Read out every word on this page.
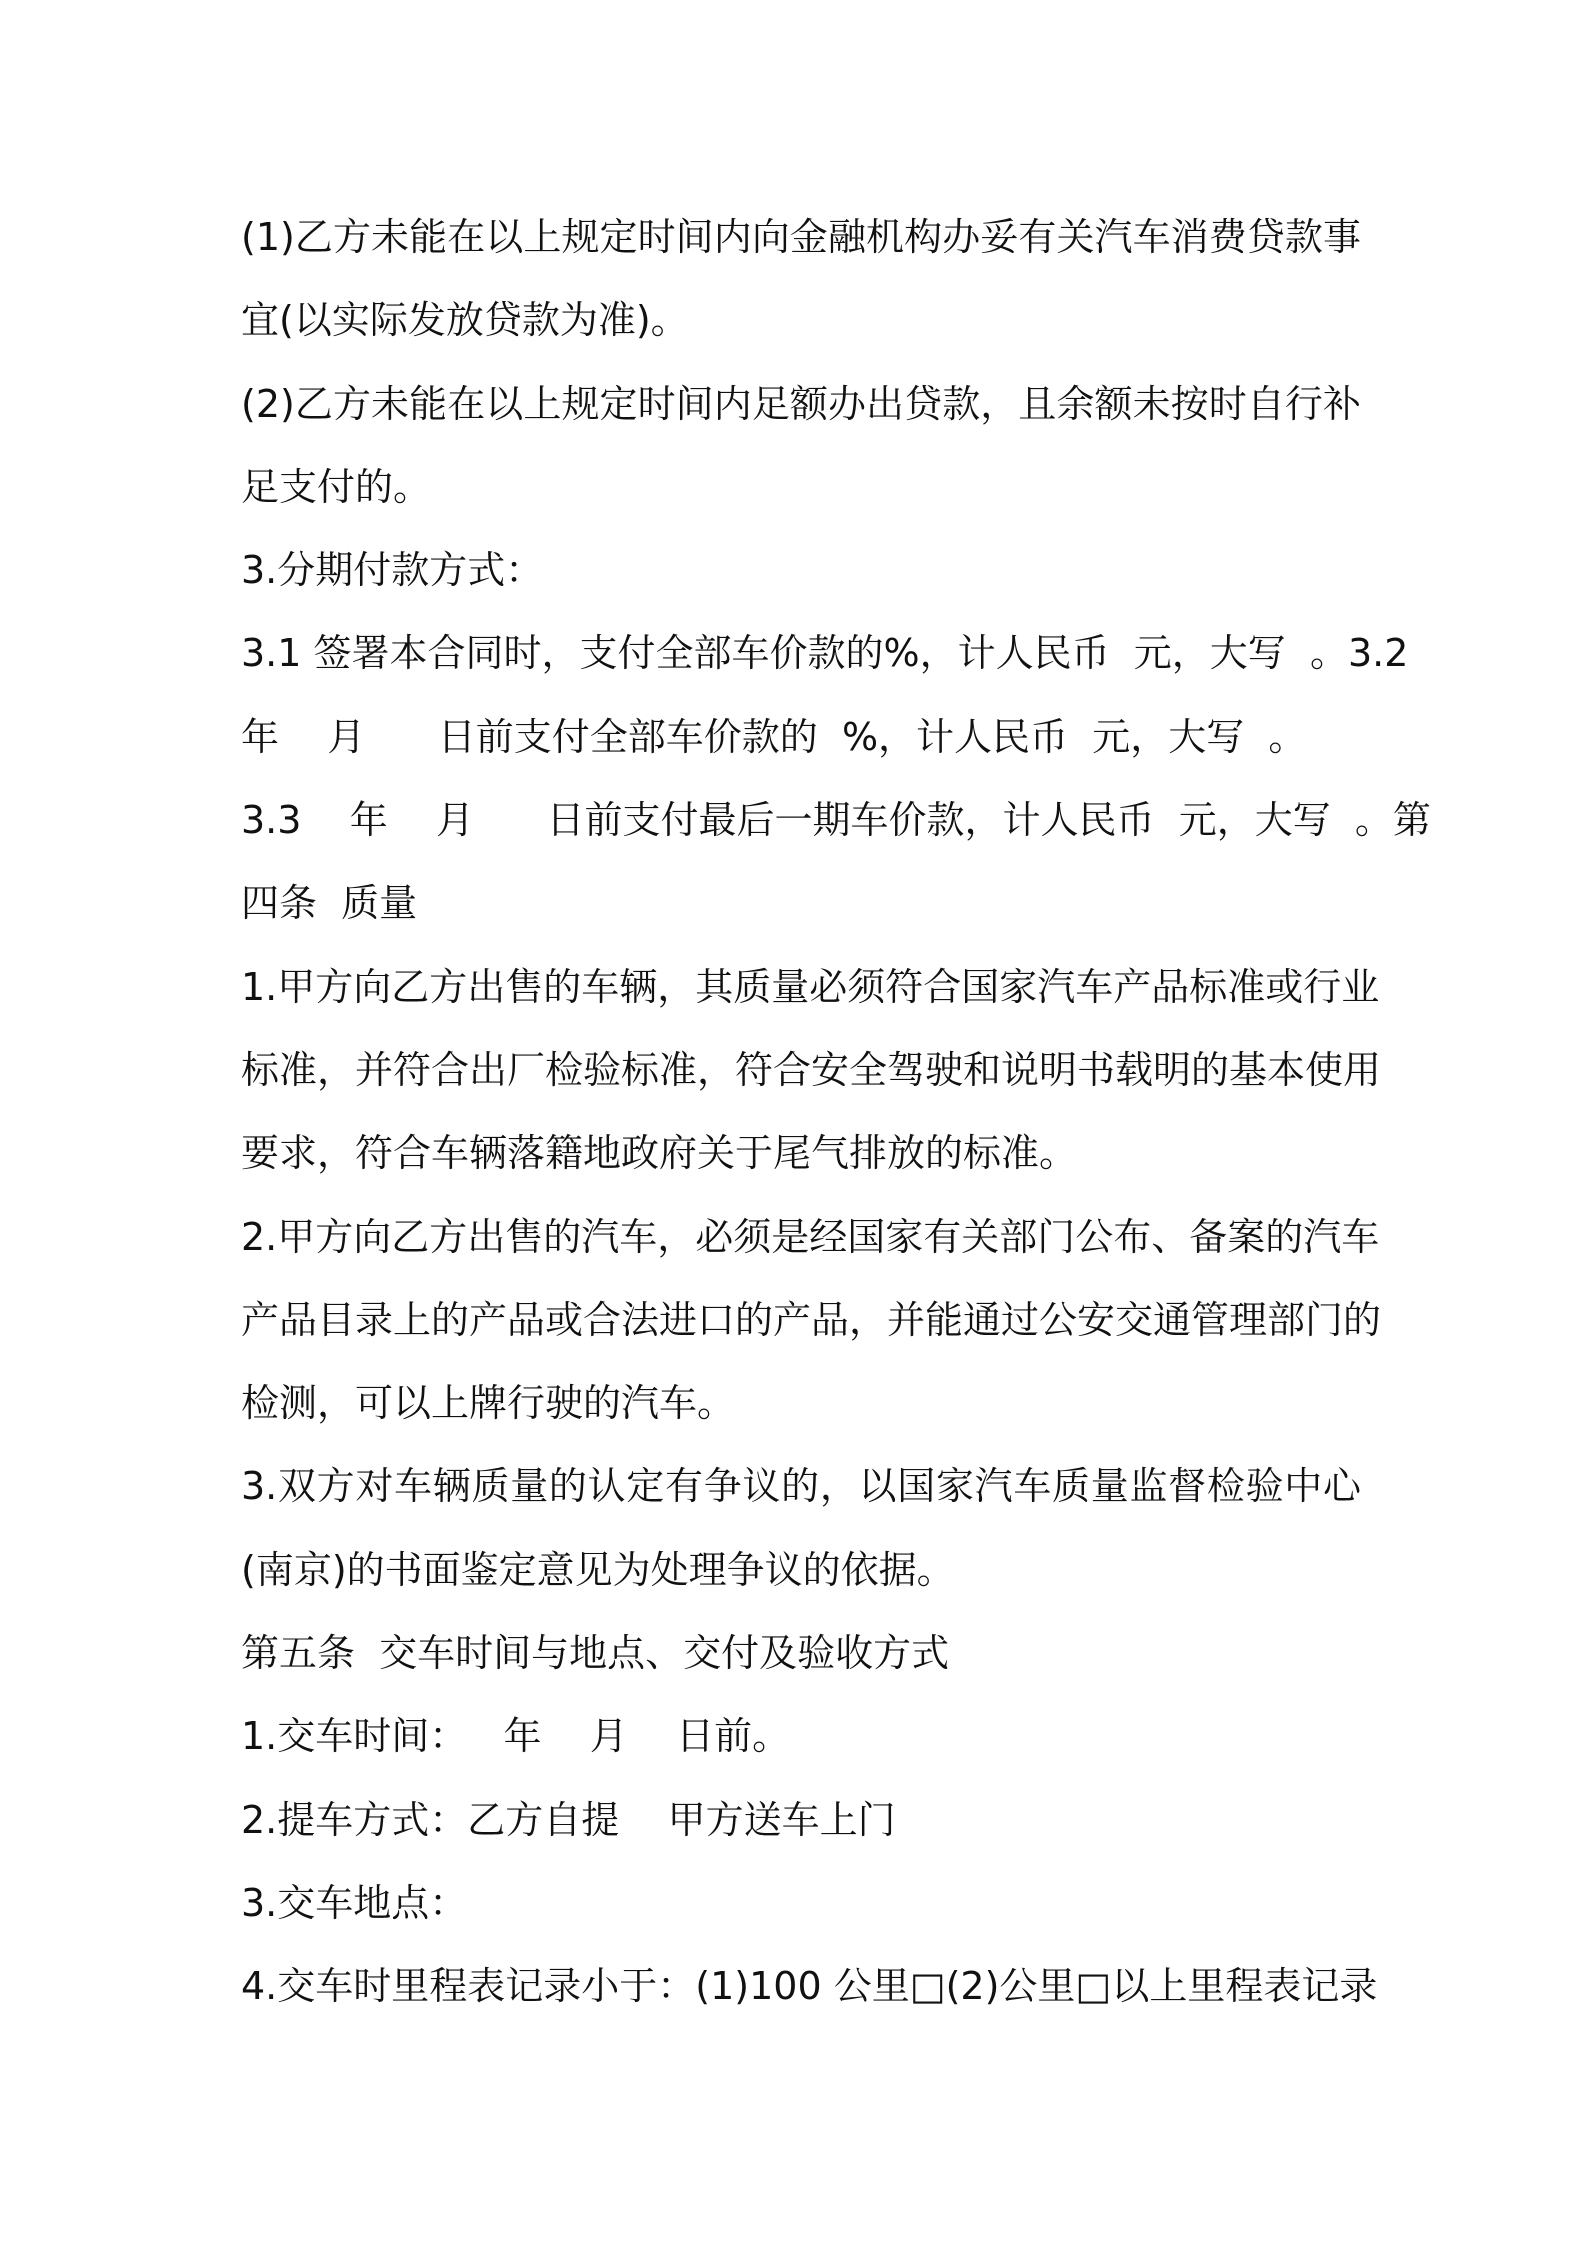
(1)乙方未能在以上规定时间内向金融机构办妥有关汽车消费贷款事
宜(以实际发放贷款为准)。
(2)乙方未能在以上规定时间内足额办出贷款，且余额未按时自行补
足支付的。
3.分期付款方式：
3.1 签署本合同时，支付全部车价款的%，计人民币  元，大写  。3.2
年    月      日前支付全部车价款的  %，计人民币  元，大写  。
3.3    年    月      日前支付最后一期车价款，计人民币  元，大写  。第
四条  质量
1.甲方向乙方出售的车辆，其质量必须符合国家汽车产品标准或行业
标准，并符合出厂检验标准，符合安全驾驶和说明书载明的基本使用
要求，符合车辆落籍地政府关于尾气排放的标准。
2.甲方向乙方出售的汽车，必须是经国家有关部门公布、备案的汽车
产品目录上的产品或合法进口的产品，并能通过公安交通管理部门的
检测，可以上牌行驶的汽车。
3.双方对车辆质量的认定有争议的，以国家汽车质量监督检验中心
(南京)的书面鉴定意见为处理争议的依据。
第五条  交车时间与地点、交付及验收方式
1.交车时间：   年    月    日前。
2.提车方式：乙方自提    甲方送车上门
3.交车地点：
4.交车时里程表记录小于：(1)100 公里□(2)公里□以上里程表记录
